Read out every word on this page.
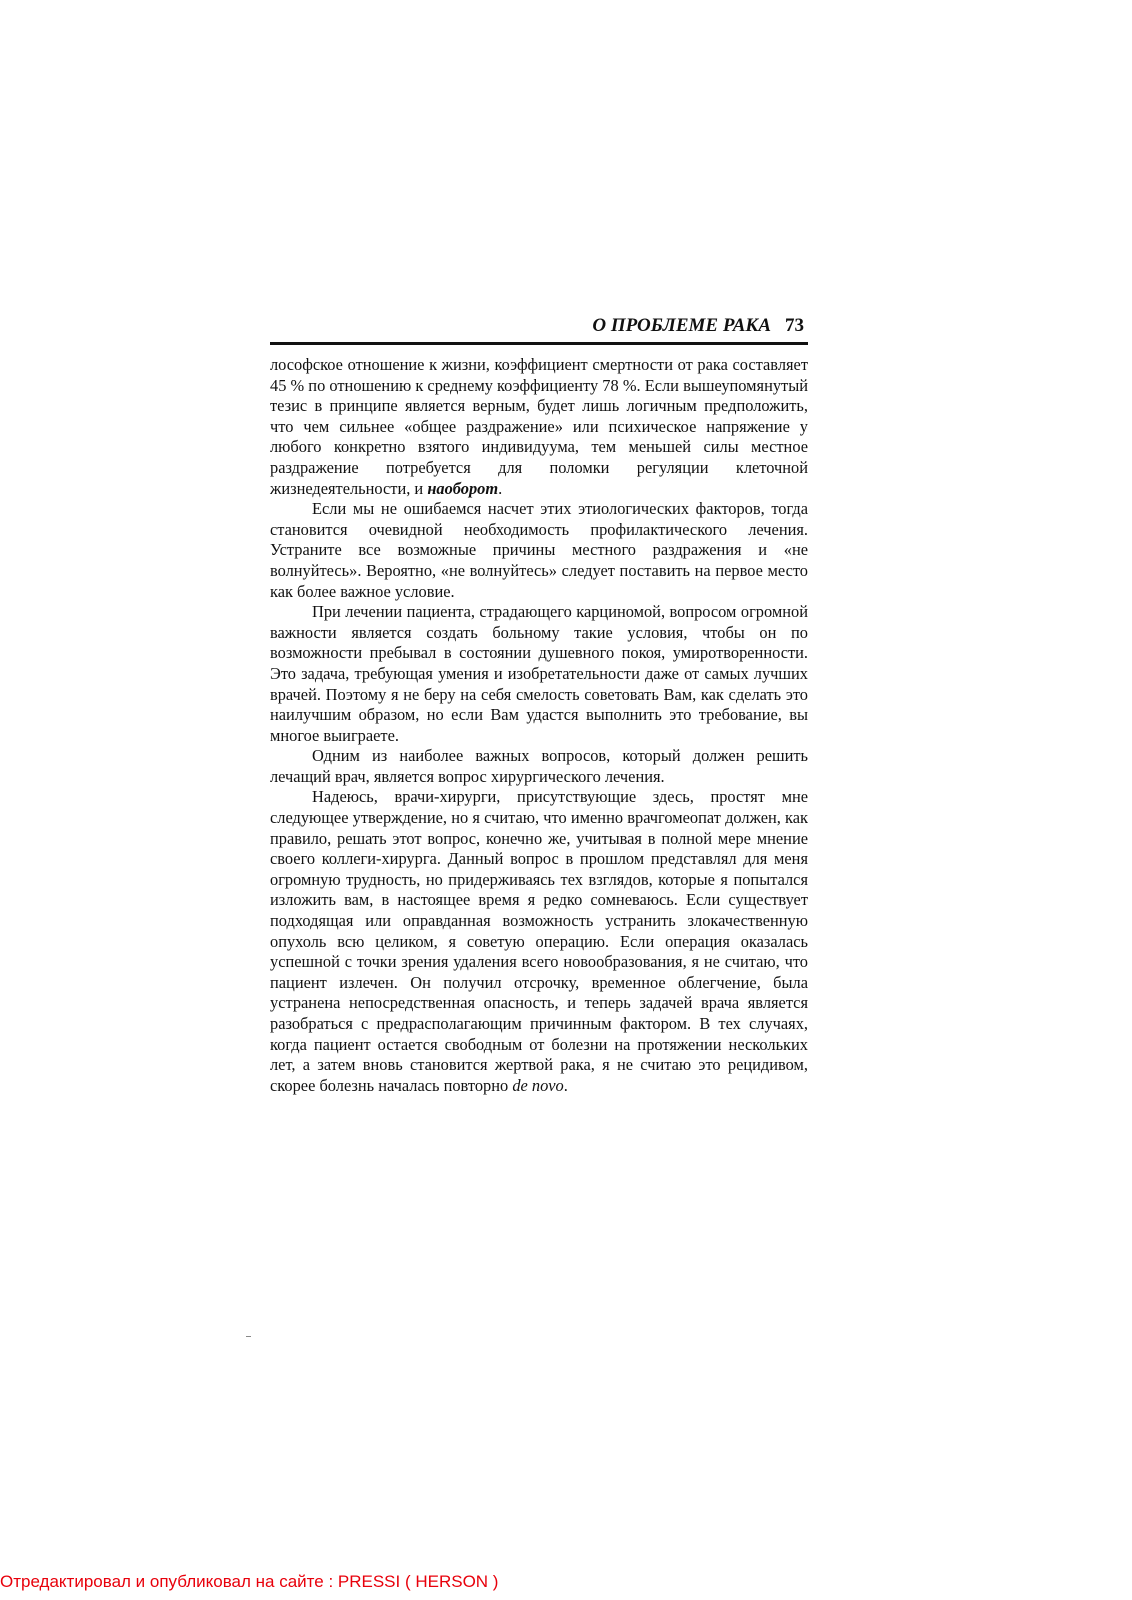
О ПРОБЛЕМЕ РАКА 73

лософское отношение к жизни, коэффициент смертности от рака составляет 45 % по отношению к среднему коэффициенту 78 %. Если вышеупомянутый тезис в принципе является верным, будет лишь логичным предположить, что чем сильнее «общее раздражение» или психическое напряжение у любого конкретно взятого индивидуума, тем меньшей силы местное раздражение потребуется для поломки регуляции клеточной жизнедеятельности, и наоборот.

Если мы не ошибаемся насчет этих этиологических факторов, тогда становится очевидной необходимость профилактического лечения. Устраните все возможные причины местного раздражения и «не волнуйтесь». Вероятно, «не волнуйтесь» следует поставить на первое место как более важное условие.

При лечении пациента, страдающего карциномой, вопросом огромной важности является создать больному такие условия, чтобы он по возможности пребывал в состоянии душевного покоя, умиротворенности. Это задача, требующая умения и изобретательности даже от самых лучших врачей. Поэтому я не беру на себя смелость советовать Вам, как сделать это наилучшим образом, но если Вам удастся выполнить это требование, вы многое выиграете.

Одним из наиболее важных вопросов, который должен решить лечащий врач, является вопрос хирургического лечения.

Надеюсь, врачи-хирурги, присутствующие здесь, простят мне следующее утверждение, но я считаю, что именно врачгомеопат должен, как правило, решать этот вопрос, конечно же, учитывая в полной мере мнение своего коллеги-хирурга. Данный вопрос в прошлом представлял для меня огромную трудность, но придерживаясь тех взглядов, которые я попытался изложить вам, в настоящее время я редко сомневаюсь. Если существует подходящая или оправданная возможность устранить злокачественную опухоль всю целиком, я советую операцию. Если операция оказалась успешной с точки зрения удаления всего новообразования, я не считаю, что пациент излечен. Он получил отсрочку, временное облегчение, была устранена непосредственная опасность, и теперь задачей врача является разобраться с предрасполагающим причинным фактором. В тех случаях, когда пациент остается свободным от болезни на протяжении нескольких лет, а затем вновь становится жертвой рака, я не считаю это рецидивом, скорее болезнь началась повторно de novo.

Отредактировал и опубликовал на сайте : PRESSI ( HERSON )
